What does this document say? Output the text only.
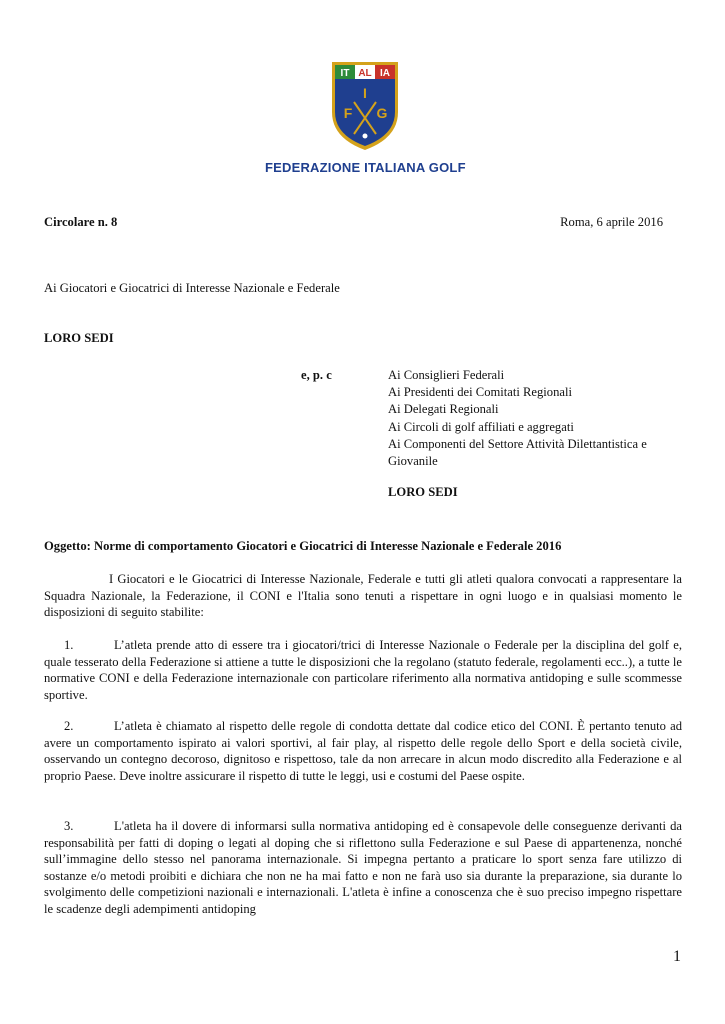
IT AL IA
I
F G
FEDERAZIONE ITALIANA GOLF
Circolare n. 8	Roma, 6 aprile 2016
Ai Giocatori e Giocatrici di Interesse Nazionale e Federale
LORO SEDI
e, p. c	Ai Consiglieri Federali
Ai Presidenti dei Comitati Regionali
Ai Delegati Regionali
Ai Circoli di golf affiliati e aggregati
Ai Componenti del Settore Attività Dilettantistica e
Giovanile
LORO SEDI
Oggetto: Norme di comportamento Giocatori e Giocatrici di Interesse Nazionale e Federale 2016
I Giocatori e le Giocatrici di Interesse Nazionale, Federale e tutti gli atleti qualora convocati a rappresentare la Squadra Nazionale, la Federazione, il CONI e l'Italia sono tenuti a rispettare in ogni luogo e in qualsiasi momento le disposizioni di seguito stabilite:
1.	L’atleta prende atto di essere tra i giocatori/trici di Interesse Nazionale o Federale per la disciplina del golf e, quale tesserato della Federazione si attiene a tutte le disposizioni che la regolano (statuto federale, regolamenti ecc..), a tutte le normative CONI e della Federazione internazionale con particolare riferimento alla normativa antidoping e sulle scommesse sportive.
2.	L’atleta è chiamato al rispetto delle regole di condotta dettate dal codice etico del CONI. È pertanto tenuto ad avere un comportamento ispirato ai valori sportivi, al fair play, al rispetto delle regole dello Sport e della società civile, osservando un contegno decoroso, dignitoso e rispettoso, tale da non arrecare in alcun modo discredito alla Federazione e al proprio Paese. Deve inoltre assicurare il rispetto di tutte le leggi, usi e costumi del Paese ospite.
3.	L'atleta ha il dovere di informarsi sulla normativa antidoping ed è consapevole delle conseguenze derivanti da responsabilità per fatti di doping o legati al doping che si riflettono sulla Federazione e sul Paese di appartenenza, nonché sull’immagine dello stesso nel panorama internazionale. Si impegna pertanto a praticare lo sport senza fare utilizzo di sostanze e/o metodi proibiti e dichiara che non ne ha mai fatto e non ne farà uso sia durante la preparazione, sia durante lo svolgimento delle competizioni nazionali e internazionali. L'atleta è infine a conoscenza che è suo preciso impegno rispettare le scadenze degli adempimenti antidoping
1
